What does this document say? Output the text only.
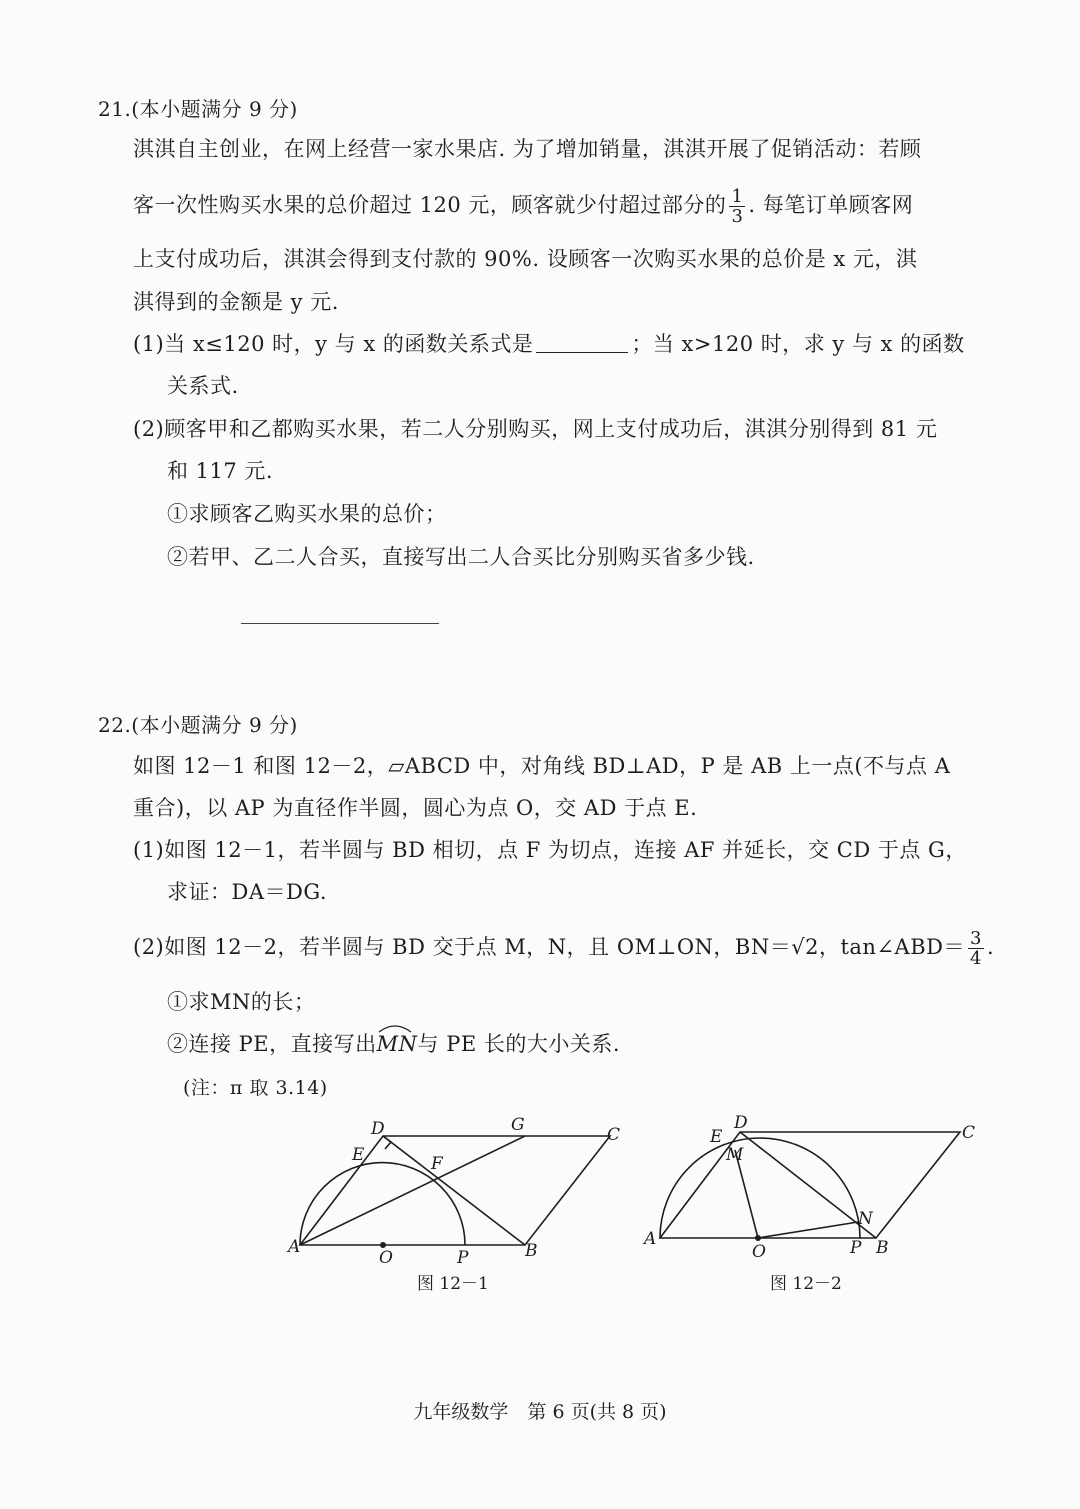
21.(本小题满分 9 分)
淇淇自主创业，在网上经营一家水果店. 为了增加销量，淇淇开展了促销活动：若顾
客一次性购买水果的总价超过 120 元，顾客就少付超过部分的 $\frac{1}{3}$ . 每笔订单顾客网
上支付成功后，淇淇会得到支付款的 90%. 设顾客一次购买水果的总价是 x 元，淇
淇得到的金额是 y 元.
(1)当 x≤120 时，y 与 x 的函数关系式是	；当 x>120 时，求 y 与 x 的函数
关系式.
(2)顾客甲和乙都购买水果，若二人分别购买，网上支付成功后，淇淇分别得到 81 元
和 117 元.
①求顾客乙购买水果的总价；
②若甲、乙二人合买，直接写出二人合买比分别购买省多少钱.
22.(本小题满分 9 分)
如图 12－1 和图 12－2，▱ABCD 中，对角线 BD⊥AD，P 是 AB 上一点(不与点 A
重合)，以 AP 为直径作半圆，圆心为点 O，交 AD 于点 E.
(1)如图 12－1，若半圆与 BD 相切，点 F 为切点，连接 AF 并延长，交 CD 于点 G，
求证：DA＝DG.
(2)如图 12－2，若半圆与 BD 交于点 M，N，且 OM⊥ON，BN＝√2，tan∠ABD＝ $\frac{3}{4}$ .
①求MN的长；
②连接 PE，直接写出
MN与 PE 长的大小关系.
(注：π 取 3.14)
A	B
C
D
E	F
G
O	P
图 12－1
A	B
C
D
E
M
N
O	P
图 12－2
九年级数学　第 6 页(共 8 页)
